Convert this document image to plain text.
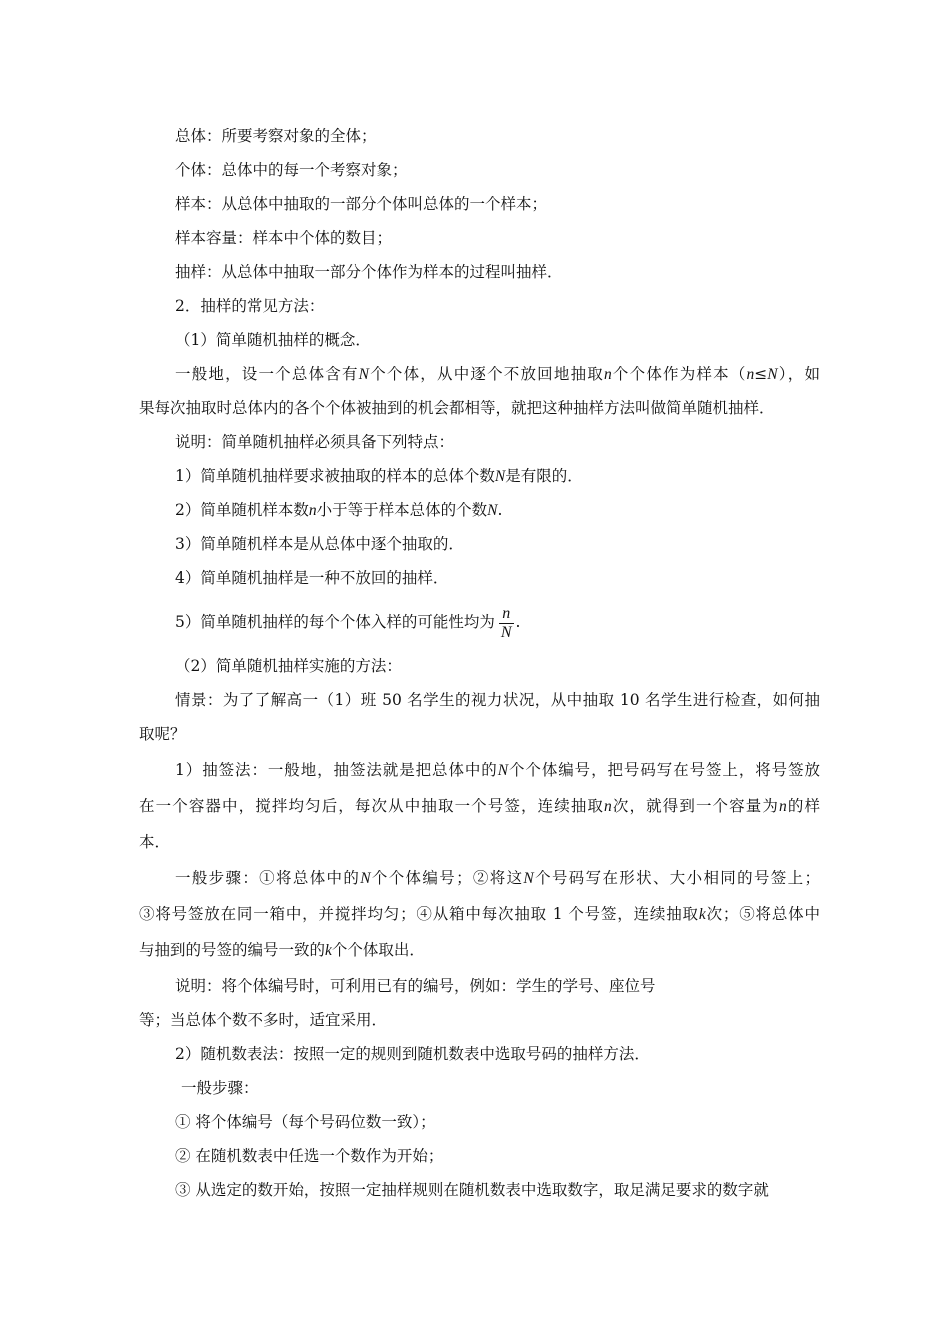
总体：所要考察对象的全体；
个体：总体中的每一个考察对象；
样本：从总体中抽取的一部分个体叫总体的一个样本；
样本容量：样本中个体的数目；
抽样：从总体中抽取一部分个体作为样本的过程叫抽样．
2．抽样的常见方法：
（1）简单随机抽样的概念．
一般地，设一个总体含有N个个体，从中逐个不放回地抽取n个个体作为样本（n≤N），如
果每次抽取时总体内的各个个体被抽到的机会都相等，就把这种抽样方法叫做简单随机抽样．
说明：简单随机抽样必须具备下列特点：
1）简单随机抽样要求被抽取的样本的总体个数N是有限的．
2）简单随机样本数n小于等于样本总体的个数N.
3）简单随机样本是从总体中逐个抽取的．
4）简单随机抽样是一种不放回的抽样．
5）简单随机抽样的每个个体入样的可能性均为 $\frac{n}{N}$ .
（2）简单随机抽样实施的方法：
情景：为了了解高一（1）班 50 名学生的视力状况，从中抽取 10 名学生进行检查，如何抽
取呢？
1）抽签法：一般地，抽签法就是把总体中的N个个体编号，把号码写在号签上，将号签放
在一个容器中，搅拌均匀后，每次从中抽取一个号签，连续抽取n次，就得到一个容量为n的样
本．
一般步骤：①将总体中的N个个体编号；②将这N个号码写在形状、大小相同的号签上；
③将号签放在同一箱中，并搅拌均匀；④从箱中每次抽取 1 个号签，连续抽取k次；⑤将总体中
与抽到的号签的编号一致的k个个体取出．
说明：将个体编号时，可利用已有的编号，例如：学生的学号、座位号
等；当总体个数不多时，适宜采用．
2）随机数表法：按照一定的规则到随机数表中选取号码的抽样方法．
一般步骤：
① 将个体编号（每个号码位数一致）；
② 在随机数表中任选一个数作为开始；
③ 从选定的数开始，按照一定抽样规则在随机数表中选取数字，取足满足要求的数字就
